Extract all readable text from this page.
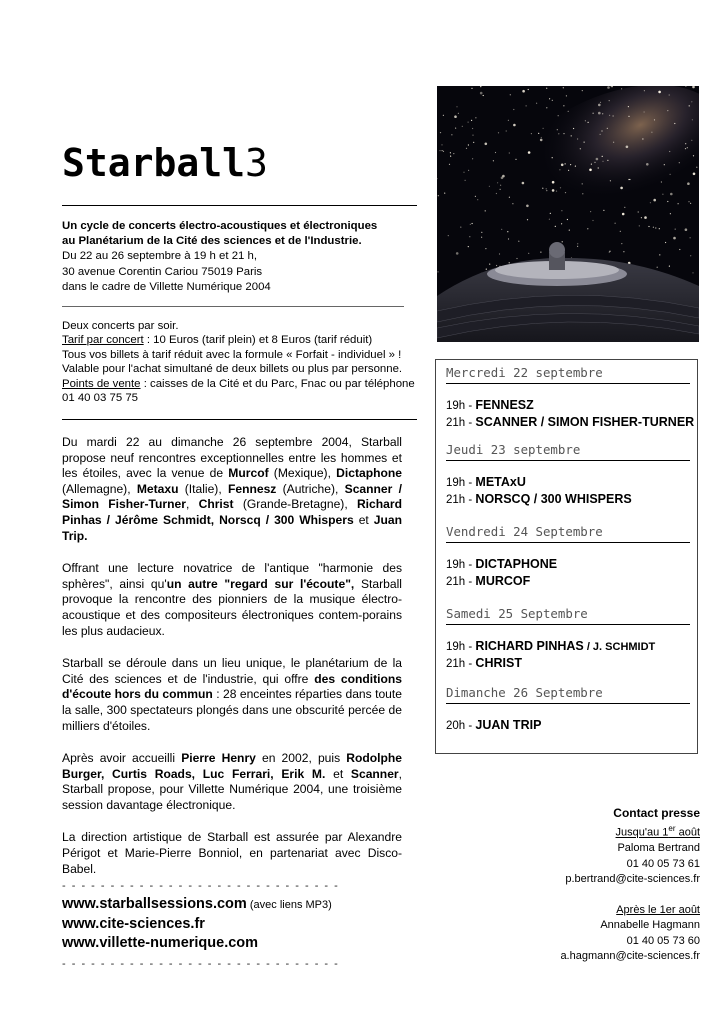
Starball3
Un cycle de concerts électro-acoustiques et électroniques
au Planétarium de la Cité des sciences et de l'Industrie.
Du 22 au 26 septembre à 19 h et 21 h,
30 avenue Corentin Cariou 75019 Paris
dans le cadre de Villette Numérique 2004
Deux concerts par soir.
Tarif par concert : 10 Euros (tarif plein) et 8 Euros (tarif réduit)
Tous vos billets à tarif réduit avec la formule « Forfait - individuel » !
Valable pour l'achat simultané de deux billets ou plus par personne.
Points de vente : caisses de la Cité et du Parc, Fnac ou par téléphone
01 40 03 75 75

Du mardi 22 au dimanche 26 septembre 2004, Starball propose neuf rencontres exceptionnelles entre les hommes et les étoiles, avec la venue de Murcof (Mexique), Dictaphone (Allemagne), Metaxu (Italie), Fennesz (Autriche), Scanner / Simon Fisher-Turner, Christ (Grande-Bretagne), Richard Pinhas / Jérôme Schmidt, Norscq / 300 Whispers et Juan Trip.

Offrant une lecture novatrice de l'antique "harmonie des sphères", ainsi qu'un autre "regard sur l'écoute", Starball provoque la rencontre des pionniers de la musique électro-acoustique et des compositeurs électroniques contem-porains les plus audacieux.

Starball se déroule dans un lieu unique, le planétarium de la Cité des sciences et de l'industrie, qui offre des conditions d'écoute hors du commun : 28 enceintes réparties dans toute la salle, 300 spectateurs plongés dans une obscurité percée de milliers d'étoiles.

Après avoir accueilli Pierre Henry en 2002, puis Rodolphe Burger, Curtis Roads, Luc Ferrari, Erik M. et Scanner, Starball propose, pour Villette Numérique 2004, une troisième session davantage électronique.

La direction artistique de Starball est assurée par Alexandre Périgot et Marie-Pierre Bonniol, en partenariat avec Disco-Babel.

- - - - - - - - - - - - - - - - - - - - - - - - - - - - -
www.starballsessions.com (avec liens MP3)
www.cite-sciences.fr
www.villette-numerique.com
- - - - - - - - - - - - - - - - - - - - - - - - - - - - -
Mercredi 22 septembre
19h - FENNESZ
21h - SCANNER / SIMON FISHER-TURNER
Jeudi 23 septembre
19h - METAxU
21h - NORSCQ / 300 WHISPERS
Vendredi 24 Septembre
19h - DICTAPHONE
21h - MURCOF
Samedi 25 Septembre
19h - RICHARD PINHAS / J. SCHMIDT
21h - CHRIST
Dimanche 26 Septembre
20h - JUAN TRIP
Contact presse
Jusqu'au 1er août
Paloma Bertrand
01 40 05 73 61
p.bertrand@cite-sciences.fr
Après le 1er août
Annabelle Hagmann
01 40 05 73 60
a.hagmann@cite-sciences.fr
